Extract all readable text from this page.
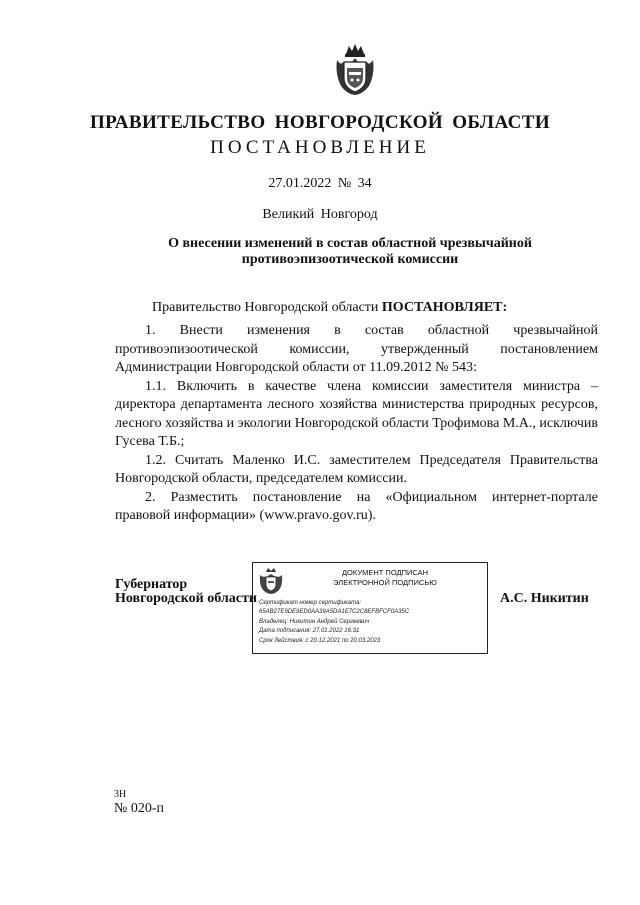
ПРАВИТЕЛЬСТВО НОВГОРОДСКОЙ ОБЛАСТИ
ПОСТАНОВЛЕНИЕ
27.01.2022 № 34
Великий Новгород
О внесении изменений в состав областной чрезвычайной
противоэпизоотической комиссии
Правительство Новгородской области ПОСТАНОВЛЯЕТ:

1. Внести изменения в состав областной чрезвычайной противоэпизоотической комиссии, утвержденный постановлением Администрации Новгородской области от 11.09.2012 № 543:

1.1. Включить в качестве члена комиссии заместителя министра – директора департамента лесного хозяйства министерства природных ресурсов, лесного хозяйства и экологии Новгородской области Трофимова М.А., исключив Гусева Т.Б.;

1.2. Считать Маленко И.С. заместителем Председателя Правительства Новгородской области, председателем комиссии.

2. Разместить постановление на «Официальном интернет-портале правовой информации» (www.pravo.gov.ru).

Губернатор
Новгородской области
ДОКУМЕНТ ПОДПИСАН
ЭЛЕКТРОННОЙ ПОДПИСЬЮ
Сертификат номер сертификата:
65AB27E9DE9ED0AA39A5DA1E7C2C8EFBFCF0A35C
Владелец: Никитин Андрей Сергеевич
Дата подписания: 27.01.2022 16:31
Срок действия: с 20.12.2021 по 20.03.2023
А.С. Никитин
3Н
№ 020-п
